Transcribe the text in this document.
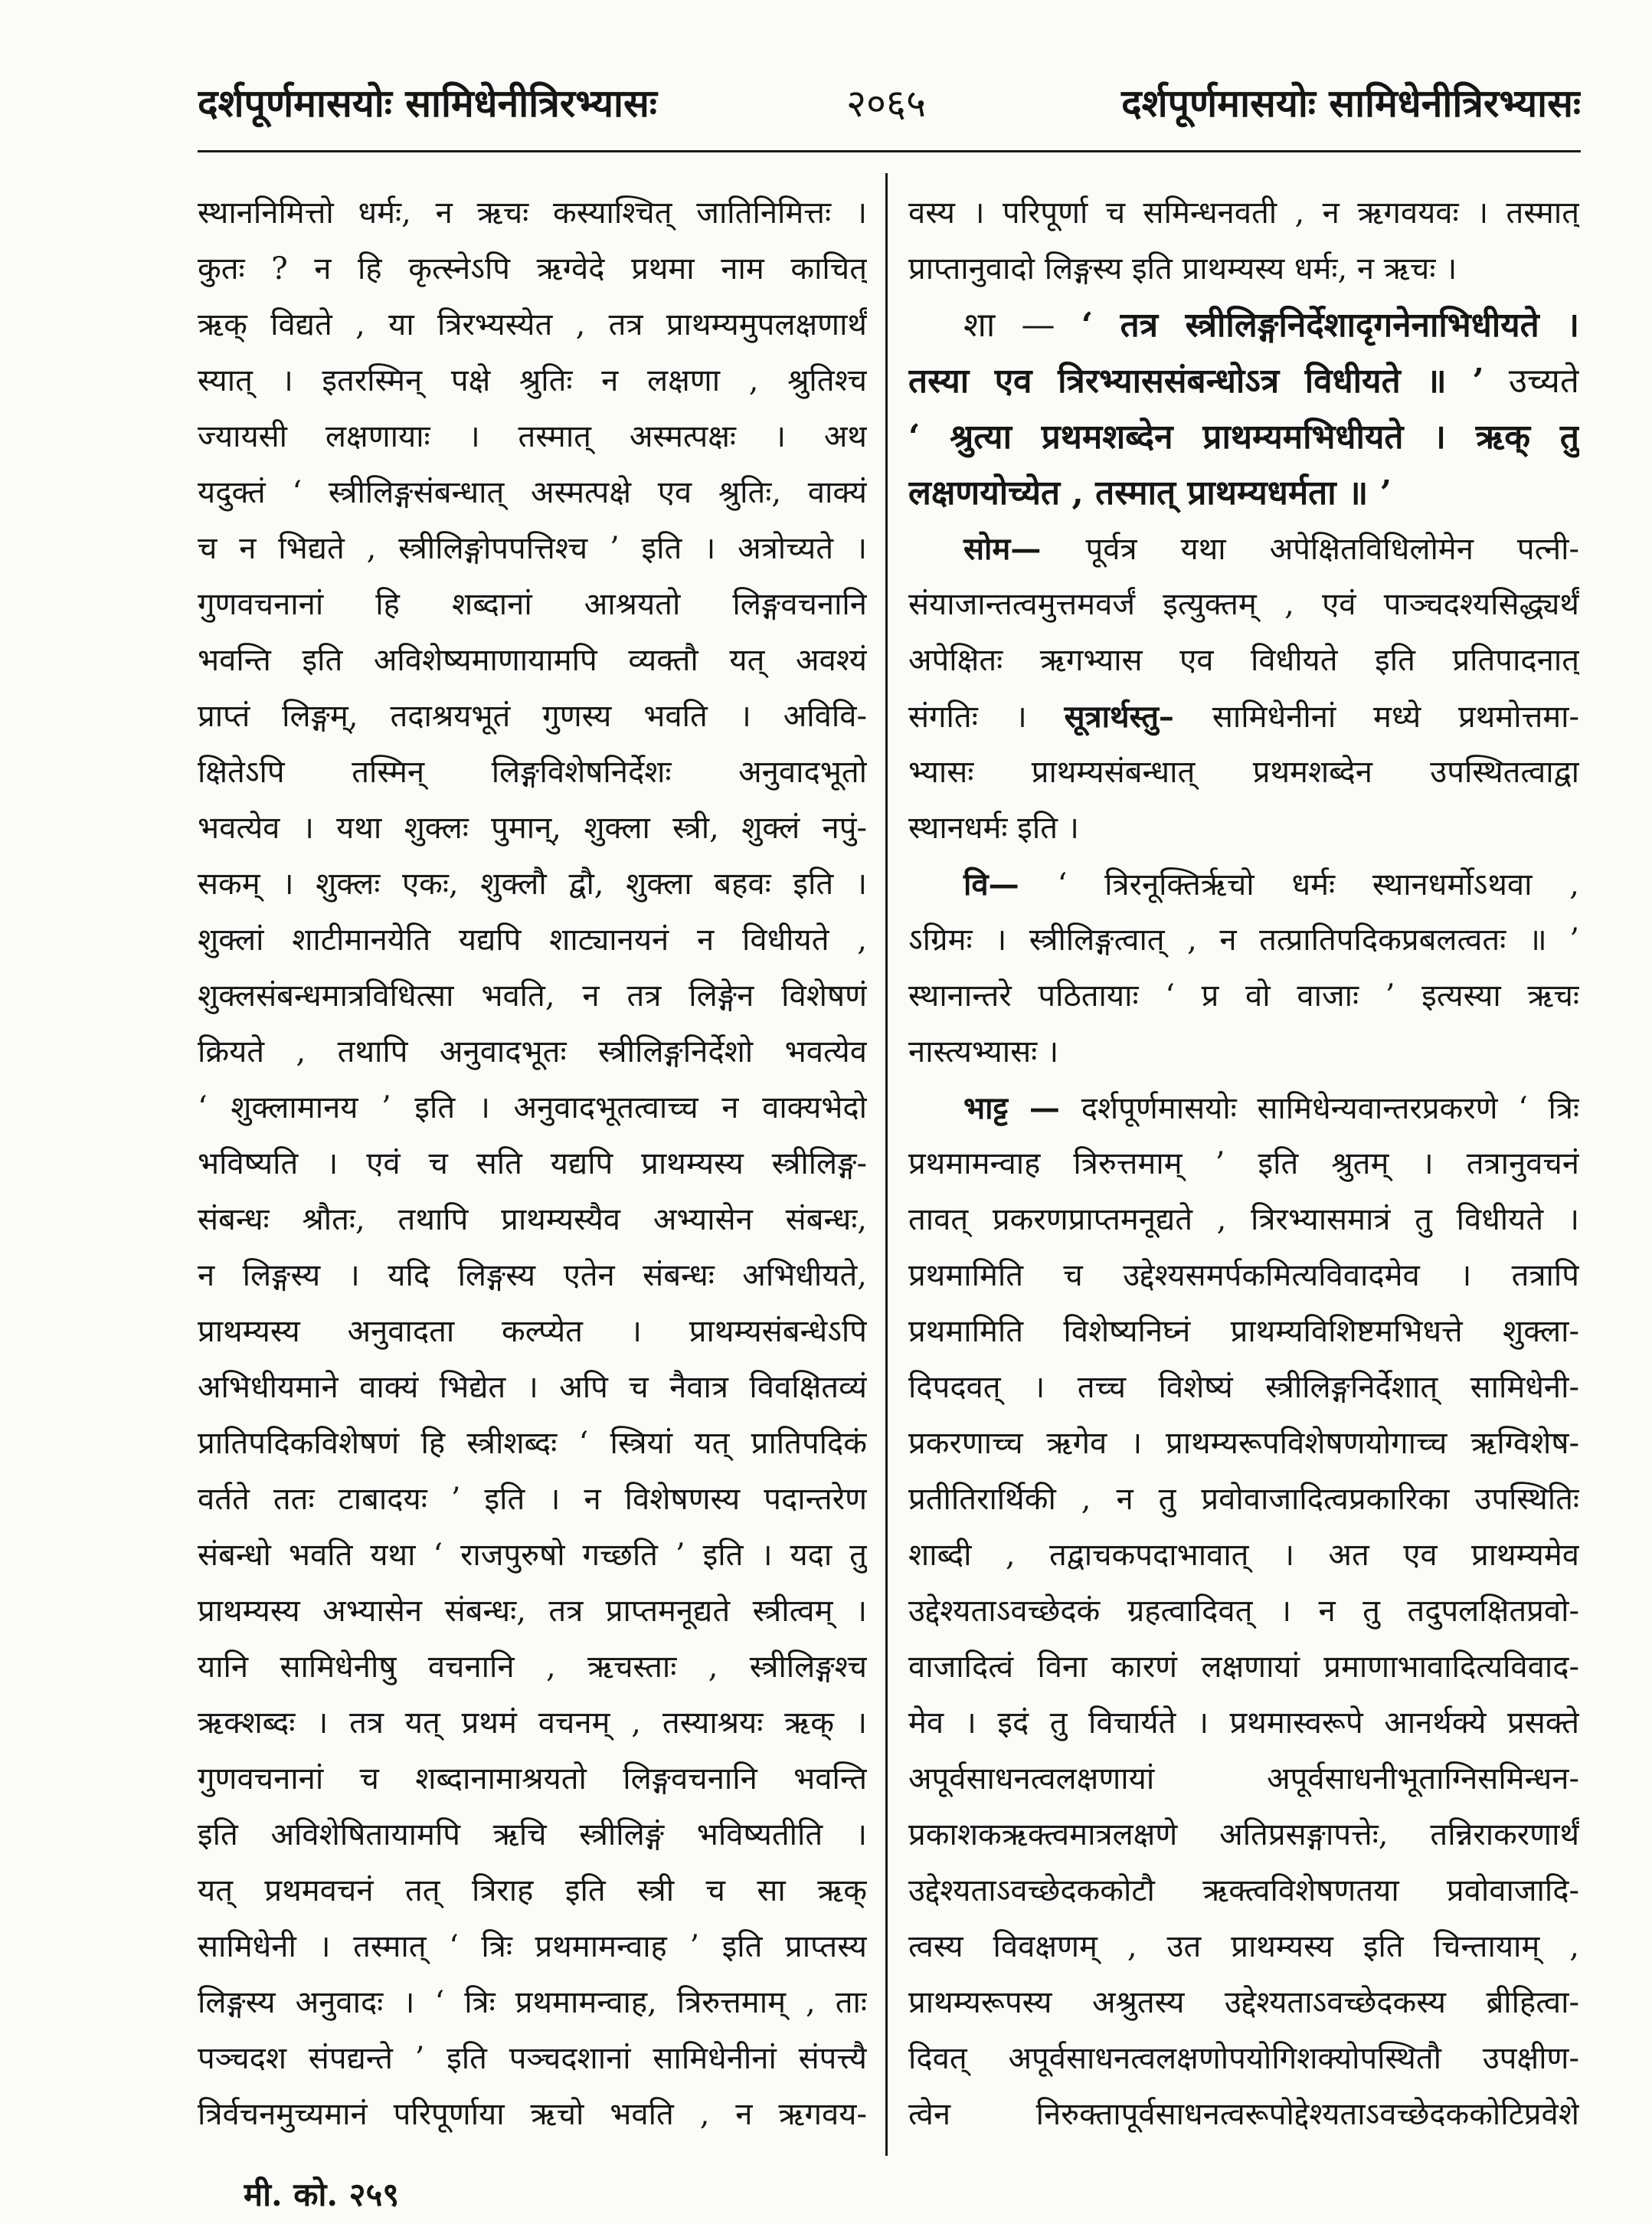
दर्शपूर्णमासयोः सामिधेनीत्रिरभ्यासः	२०६५	दर्शपूर्णमासयोः सामिधेनीत्रिरभ्यासः
स्थाननिमित्तो धर्मः, न ऋचः कस्याश्चित् जातिनिमित्तः ।
कुतः ? न हि कृत्स्नेऽपि ऋग्वेदे प्रथमा नाम काचित्
ऋक् विद्यते , या त्रिरभ्यस्येत , तत्र प्राथम्यमुपलक्षणार्थं
स्यात् । इतरस्मिन् पक्षे श्रुतिः न लक्षणा , श्रुतिश्च
ज्यायसी लक्षणायाः । तस्मात् अस्मत्पक्षः । अथ
यदुक्तं ‘ स्त्रीलिङ्गसंबन्धात् अस्मत्पक्षे एव श्रुतिः, वाक्यं
च न भिद्यते , स्त्रीलिङ्गोपपत्तिश्च ’ इति । अत्रोच्यते ।
गुणवचनानां हि शब्दानां आश्रयतो लिङ्गवचनानि
भवन्ति इति अविशेष्यमाणायामपि व्यक्तौ यत् अवश्यं
प्राप्तं लिङ्गम्, तदाश्रयभूतं गुणस्य भवति । अविवि-
क्षितेऽपि तस्मिन् लिङ्गविशेषनिर्देशः अनुवादभूतो
भवत्येव । यथा शुक्लः पुमान्, शुक्ला स्त्री, शुक्लं नपुं-
सकम् । शुक्लः एकः, शुक्लौ द्वौ, शुक्ला बहवः इति ।
शुक्लां शाटीमानयेति यद्यपि शाट्यानयनं न विधीयते ,
शुक्लसंबन्धमात्रविधित्सा भवति, न तत्र लिङ्गेन विशेषणं
क्रियते , तथापि अनुवादभूतः स्त्रीलिङ्गनिर्देशो भवत्येव
‘ शुक्लामानय ’ इति । अनुवादभूतत्वाच्च न वाक्यभेदो
भविष्यति । एवं च सति यद्यपि प्राथम्यस्य स्त्रीलिङ्ग-
संबन्धः श्रौतः, तथापि प्राथम्यस्यैव अभ्यासेन संबन्धः,
न लिङ्गस्य । यदि लिङ्गस्य एतेन संबन्धः अभिधीयते,
प्राथम्यस्य अनुवादता कल्प्येत । प्राथम्यसंबन्धेऽपि
अभिधीयमाने वाक्यं भिद्येत । अपि च नैवात्र विवक्षितव्यं
प्रातिपदिकविशेषणं हि स्त्रीशब्दः ‘ स्त्रियां यत् प्रातिपदिकं
वर्तते ततः टाबादयः ’ इति । न विशेषणस्य पदान्तरेण
संबन्धो भवति यथा ‘ राजपुरुषो गच्छति ’ इति । यदा तु
प्राथम्यस्य अभ्यासेन संबन्धः, तत्र प्राप्तमनूद्यते स्त्रीत्वम् ।
यानि सामिधेनीषु वचनानि , ऋचस्ताः , स्त्रीलिङ्गश्च
ऋक्शब्दः । तत्र यत् प्रथमं वचनम् , तस्याश्रयः ऋक् ।
गुणवचनानां च शब्दानामाश्रयतो लिङ्गवचनानि भवन्ति
इति अविशेषितायामपि ऋचि स्त्रीलिङ्गं भविष्यतीति ।
यत् प्रथमवचनं तत् त्रिराह इति स्त्री च सा ऋक्
सामिधेनी । तस्मात् ‘ त्रिः प्रथमामन्वाह ’ इति प्राप्तस्य
लिङ्गस्य अनुवादः । ‘ त्रिः प्रथमामन्वाह, त्रिरुत्तमाम् , ताः
पञ्चदश संपद्यन्ते ’ इति पञ्चदशानां सामिधेनीनां संपत्त्यै
त्रिर्वचनमुच्यमानं परिपूर्णाया ऋचो भवति , न ऋगवय-
वस्य । परिपूर्णा च समिन्धनवती , न ऋगवयवः । तस्मात्
प्राप्तानुवादो लिङ्गस्य इति प्राथम्यस्य धर्मः, न ऋचः ।
शा — ‘ तत्र स्त्रीलिङ्गनिर्देशादृगनेनाभिधीयते ।
तस्या एव त्रिरभ्याससंबन्धोऽत्र विधीयते ॥ ’ उच्यते
‘ श्रुत्या प्रथमशब्देन प्राथम्यमभिधीयते । ऋक् तु
लक्षणयोच्येत , तस्मात् प्राथम्यधर्मता ॥ ’
सोम— पूर्वत्र यथा अपेक्षितविधिलोमेन पत्नी-
संयाजान्तत्वमुत्तमवर्जं इत्युक्तम् , एवं पाञ्चदश्यसिद्ध्यर्थं
अपेक्षितः ऋगभ्यास एव विधीयते इति प्रतिपादनात्
संगतिः । सूत्रार्थस्तु– सामिधेनीनां मध्ये प्रथमोत्तमा-
भ्यासः प्राथम्यसंबन्धात् प्रथमशब्देन उपस्थितत्वाद्वा
स्थानधर्मः इति ।
वि— ‘ त्रिरनूक्तिर्ऋचो धर्मः स्थानधर्मोऽथवा ,
ऽग्रिमः । स्त्रीलिङ्गत्वात् , न तत्प्रातिपदिकप्रबलत्वतः ॥ ’
स्थानान्तरे पठितायाः ‘ प्र वो वाजाः ’ इत्यस्या ऋचः
नास्त्यभ्यासः ।
भाट्ट — दर्शपूर्णमासयोः सामिधेन्यवान्तरप्रकरणे ‘ त्रिः
प्रथमामन्वाह त्रिरुत्तमाम् ’ इति श्रुतम् । तत्रानुवचनं
तावत् प्रकरणप्राप्तमनूद्यते , त्रिरभ्यासमात्रं तु विधीयते ।
प्रथमामिति च उद्देश्यसमर्पकमित्यविवादमेव । तत्रापि
प्रथमामिति विशेष्यनिघ्नं प्राथम्यविशिष्टमभिधत्ते शुक्ला-
दिपदवत् । तच्च विशेष्यं स्त्रीलिङ्गनिर्देशात् सामिधेनी-
प्रकरणाच्च ऋगेव । प्राथम्यरूपविशेषणयोगाच्च ऋग्विशेष-
प्रतीतिरार्थिकी , न तु प्रवोवाजादित्वप्रकारिका उपस्थितिः
शाब्दी , तद्वाचकपदाभावात् । अत एव प्राथम्यमेव
उद्देश्यताऽवच्छेदकं ग्रहत्वादिवत् । न तु तदुपलक्षितप्रवो-
वाजादित्वं विना कारणं लक्षणायां प्रमाणाभावादित्यविवाद-
मेव । इदं तु विचार्यते । प्रथमास्वरूपे आनर्थक्ये प्रसक्ते
अपूर्वसाधनत्वलक्षणायां अपूर्वसाधनीभूताग्निसमिन्धन-
प्रकाशकऋक्त्वमात्रलक्षणे अतिप्रसङ्गापत्तेः, तन्निराकरणार्थं
उद्देश्यताऽवच्छेदककोटौ ऋक्त्वविशेषणतया प्रवोवाजादि-
त्वस्य विवक्षणम् , उत प्राथम्यस्य इति चिन्तायाम् ,
प्राथम्यरूपस्य अश्रुतस्य उद्देश्यताऽवच्छेदकस्य ब्रीहित्वा-
दिवत् अपूर्वसाधनत्वलक्षणोपयोगिशक्योपस्थितौ उपक्षीण-
त्वेन निरुक्तापूर्वसाधनत्वरूपोद्देश्यताऽवच्छेदककोटिप्रवेशे
मी. को. २५९
